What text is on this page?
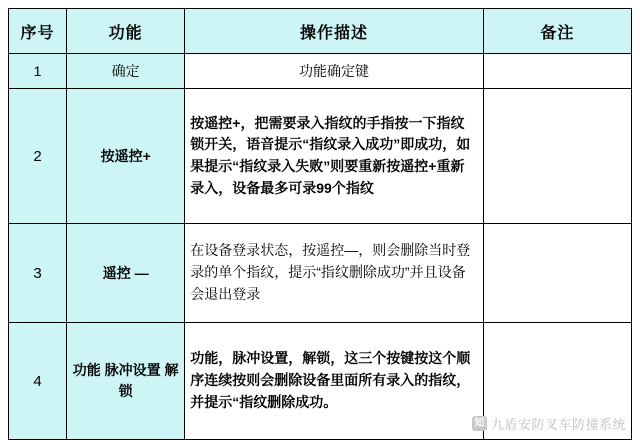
序号	功能	操作描述	备注
1	确定	功能确定键	
2	按遥控+	按遥控+，把需要录入指纹的手指按一下指纹锁开关，语音提示“指纹录入成功”即成功，如果提示“指纹录入失败”则要重新按遥控+重新录入，设备最多可录99个指纹	
3	遥控 —	在设备登录状态，按遥控—，则会删除当时登录的单个指纹，提示“指纹删除成功”并且设备会退出登录	
4	功能 脉冲设置 解锁	功能，脉冲设置，解锁，这三个按键按这个顺序连续按则会删除设备里面所有录入的指纹，并提示“指纹删除成功。	
知 九盾安防叉车防撞系统
